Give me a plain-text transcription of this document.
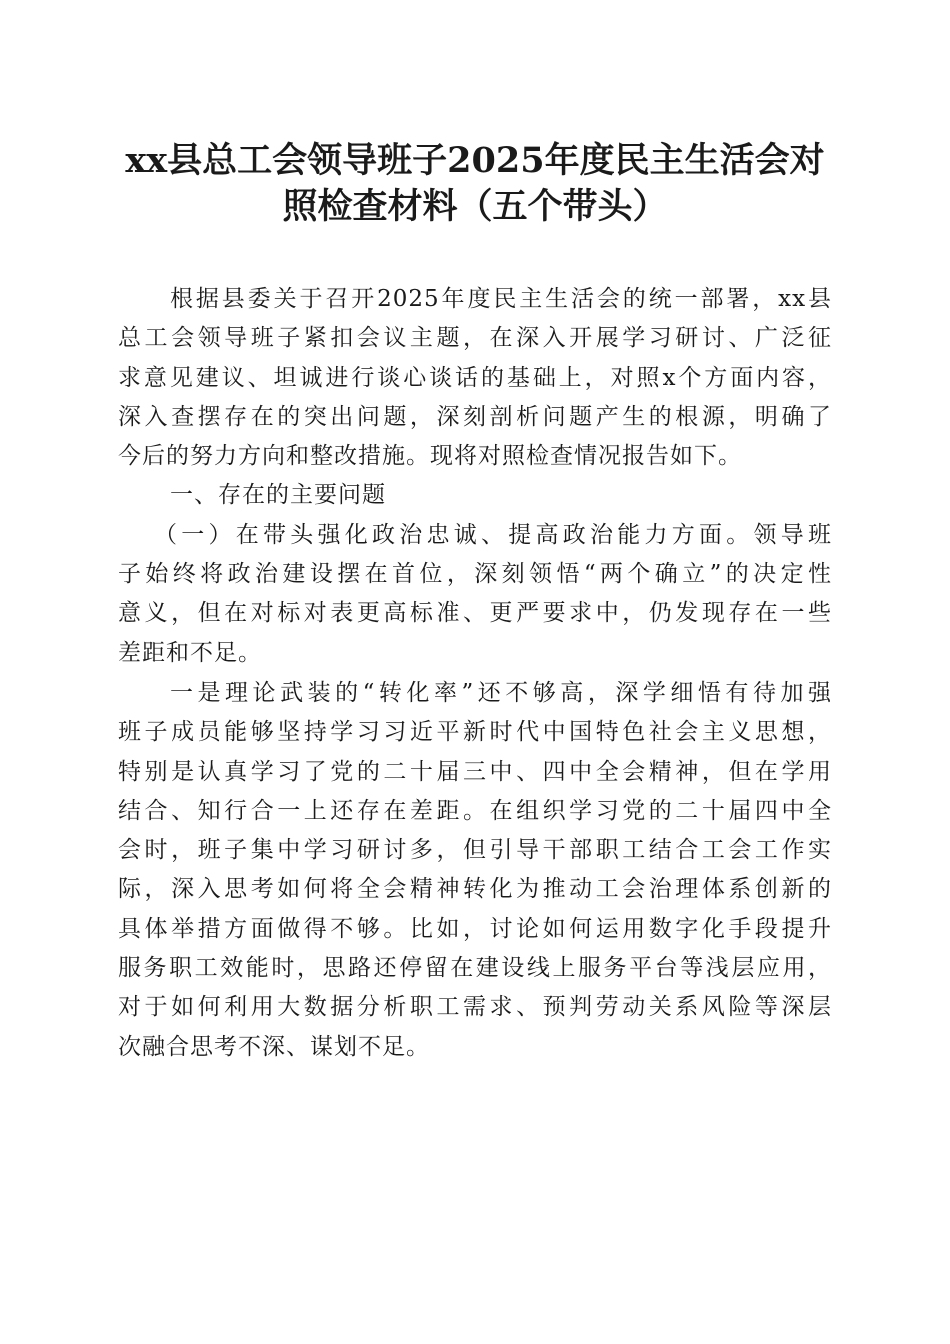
xx县总工会领导班子2025年度民主生活会对
照检查材料（五个带头）
根据县委关于召开2025年度民主生活会的统一部署，xx县
总工会领导班子紧扣会议主题，在深入开展学习研讨、广泛征
求意见建议、坦诚进行谈心谈话的基础上，对照x个方面内容，
深入查摆存在的突出问题，深刻剖析问题产生的根源，明确了
今后的努力方向和整改措施。现将对照检查情况报告如下。
一、存在的主要问题
（一）在带头强化政治忠诚、提高政治能力方面。领导班
子始终将政治建设摆在首位，深刻领悟“两个确立”的决定性
意义，但在对标对表更高标准、更严要求中，仍发现存在一些
差距和不足。
一是理论武装的“转化率”还不够高，深学细悟有待加强
班子成员能够坚持学习习近平新时代中国特色社会主义思想，
特别是认真学习了党的二十届三中、四中全会精神，但在学用
结合、知行合一上还存在差距。在组织学习党的二十届四中全
会时，班子集中学习研讨多，但引导干部职工结合工会工作实
际，深入思考如何将全会精神转化为推动工会治理体系创新的
具体举措方面做得不够。比如，讨论如何运用数字化手段提升
服务职工效能时，思路还停留在建设线上服务平台等浅层应用，
对于如何利用大数据分析职工需求、预判劳动关系风险等深层
次融合思考不深、谋划不足。
